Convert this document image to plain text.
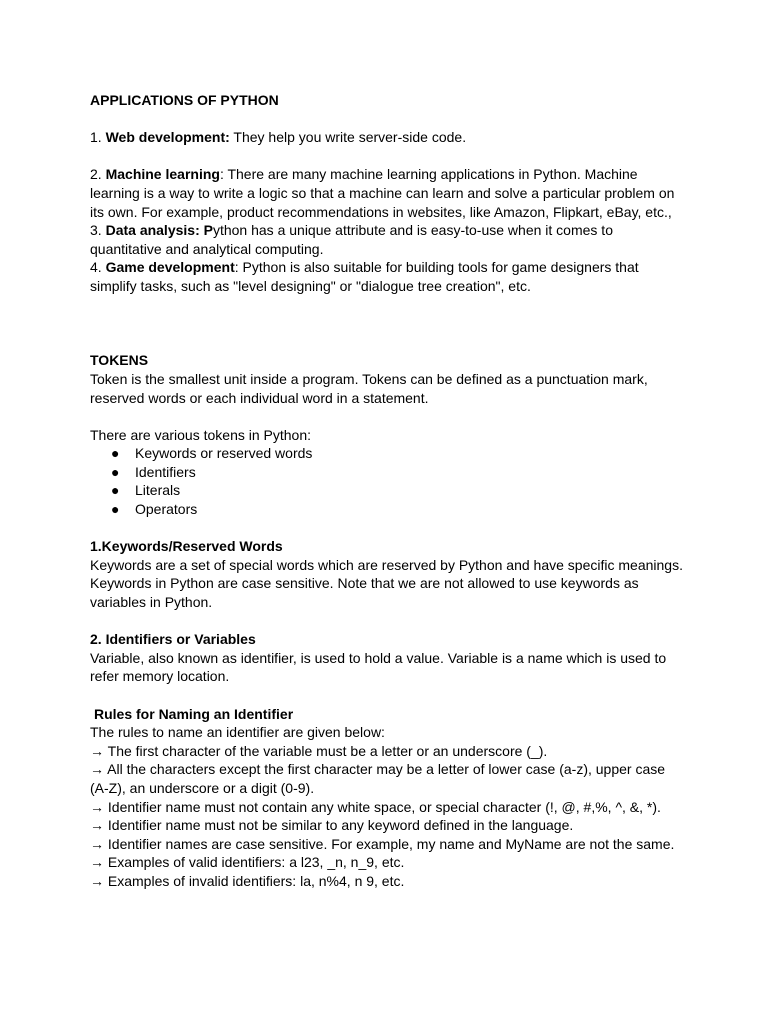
APPLICATIONS OF PYTHON
1. Web development: They help you write server-side code.
2. Machine learning: There are many machine learning applications in Python. Machine
learning is a way to write a logic so that a machine can learn and solve a particular problem on
its own. For example, product recommendations in websites, like Amazon, Flipkart, eBay, etc.,
3. Data analysis: Python has a unique attribute and is easy-to-use when it comes to
quantitative and analytical computing.
4. Game development: Python is also suitable for building tools for game designers that
simplify tasks, such as "level designing" or "dialogue tree creation", etc.
TOKENS
Token is the smallest unit inside a program. Tokens can be defined as a punctuation mark,
reserved words or each individual word in a statement.
There are various tokens in Python:
● Keywords or reserved words
● Identifiers
● Literals
● Operators
1.Keywords/Reserved Words
Keywords are a set of special words which are reserved by Python and have specific meanings.
Keywords in Python are case sensitive. Note that we are not allowed to use keywords as
variables in Python.
2. Identifiers or Variables
Variable, also known as identifier, is used to hold a value. Variable is a name which is used to
refer memory location.
Rules for Naming an Identifier
The rules to name an identifier are given below:
→ The first character of the variable must be a letter or an underscore (_).
→ All the characters except the first character may be a letter of lower case (a-z), upper case
(A-Z), an underscore or a digit (0-9).
→ Identifier name must not contain any white space, or special character (!, @, #,%, ^, &, *).
→ Identifier name must not be similar to any keyword defined in the language.
→ Identifier names are case sensitive. For example, my name and MyName are not the same.
→ Examples of valid identifiers: a l23, _n, n_9, etc.
→ Examples of invalid identifiers: la, n%4, n 9, etc.
